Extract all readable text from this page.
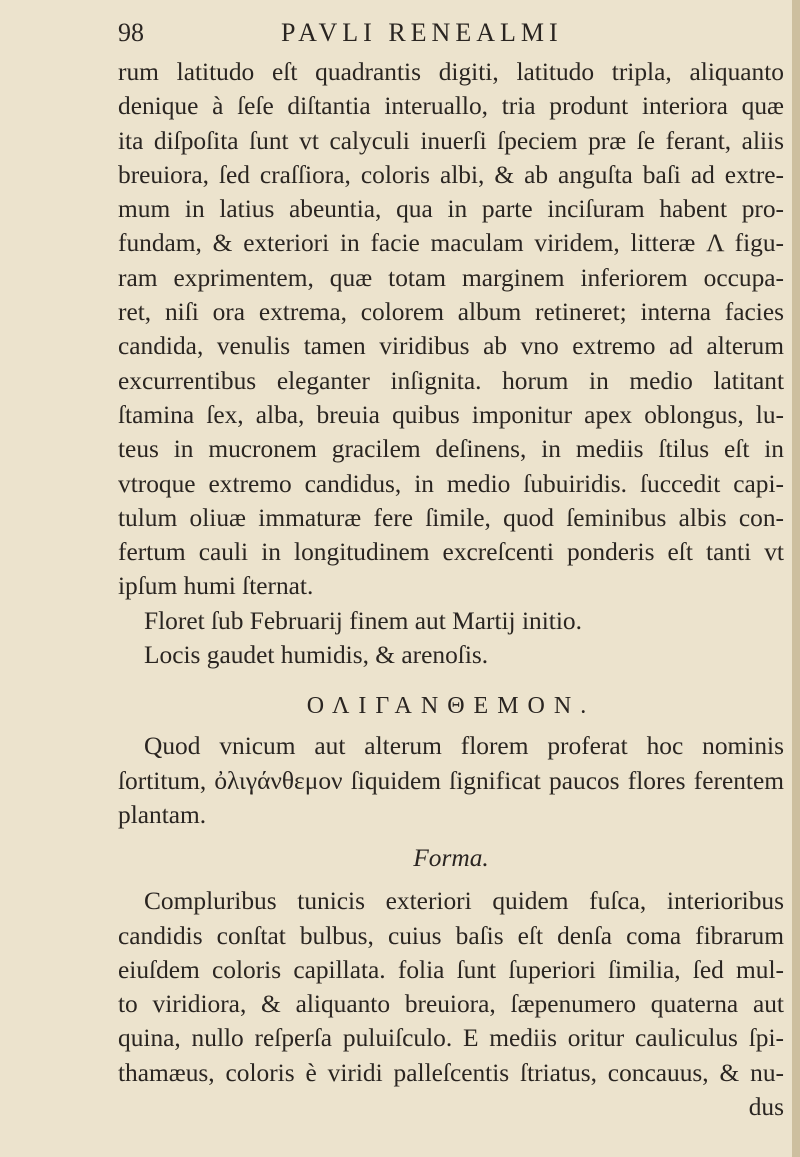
98	PAVLI RENEALMI
rum latitudo eſt quadrantis digiti, latitudo tripla, aliquanto
denique à ſeſe diſtantia interuallo, tria produnt interiora quæ
ita diſpoſita ſunt vt calyculi inuerſi ſpeciem præ ſe ferant, aliis
breuiora, ſed craſſiora, coloris albi, & ab anguſta baſi ad extre-
mum in latius abeuntia, qua in parte inciſuram habent pro-
fundam, & exteriori in facie maculam viridem, litteræ Λ figu-
ram exprimentem, quæ totam marginem inferiorem occupa-
ret, niſi ora extrema, colorem album retineret; interna facies
candida, venulis tamen viridibus ab vno extremo ad alterum
excurrentibus eleganter inſignita. horum in medio latitant
ſtamina ſex, alba, breuia quibus imponitur apex oblongus, lu-
teus in mucronem gracilem deſinens, in mediis ſtilus eſt in
vtroque extremo candidus, in medio ſubuiridis. ſuccedit capi-
tulum oliuæ immaturæ fere ſimile, quod ſeminibus albis con-
fertum cauli in longitudinem excreſcenti ponderis eſt tanti vt
ipſum humi ſternat.
Floret ſub Februarij finem aut Martij initio.
Locis gaudet humidis, & arenoſis.
ΟΛΙΓΑΝΘΕΜΟΝ.
Quod vnicum aut alterum florem proferat hoc nominis
ſortitum, ὀλιγάνθεμον ſiquidem ſignificat paucos flores ferentem
plantam.
Forma.
Compluribus tunicis exteriori quidem fuſca, interioribus
candidis conſtat bulbus, cuius baſis eſt denſa coma fibrarum
eiuſdem coloris capillata. folia ſunt ſuperiori ſimilia, ſed mul-
to viridiora, & aliquanto breuiora, ſæpenumero quaterna aut
quina, nullo reſperſa puluiſculo. E mediis oritur cauliculus ſpi-
thamæus, coloris è viridi palleſcentis ſtriatus, concauus, & nu-
dus
